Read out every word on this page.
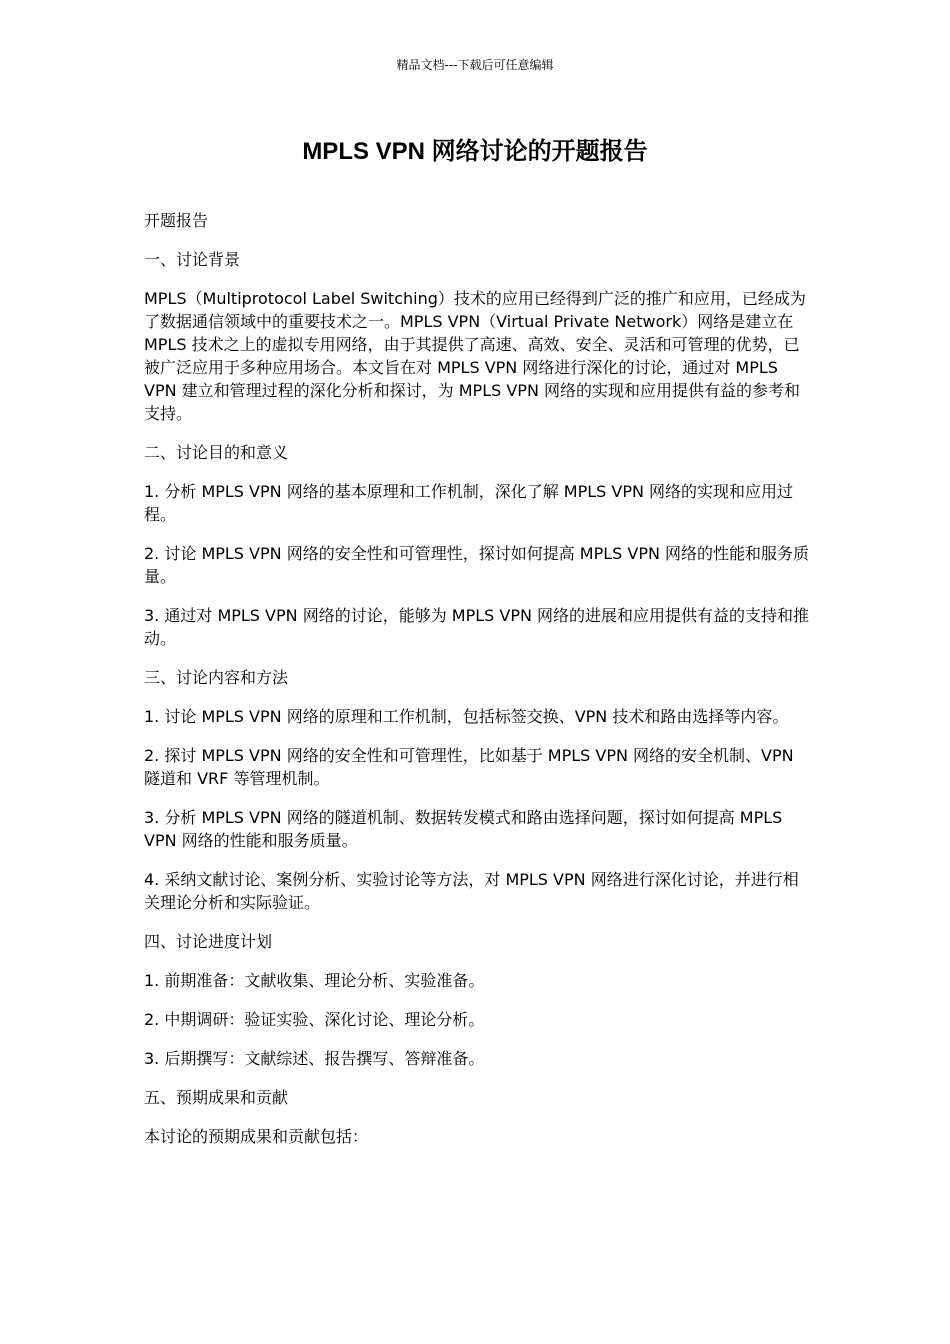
精品文档---下载后可任意编辑
MPLS VPN 网络讨论的开题报告

开题报告

一、讨论背景

MPLS（Multiprotocol Label Switching）技术的应用已经得到广泛的推广和应用，已经成为了数据通信领域中的重要技术之一。MPLS VPN（Virtual Private Network）网络是建立在 MPLS 技术之上的虚拟专用网络，由于其提供了高速、高效、安全、灵活和可管理的优势，已被广泛应用于多种应用场合。本文旨在对 MPLS VPN 网络进行深化的讨论，通过对 MPLS VPN 建立和管理过程的深化分析和探讨，为 MPLS VPN 网络的实现和应用提供有益的参考和支持。

二、讨论目的和意义

1. 分析 MPLS VPN 网络的基本原理和工作机制，深化了解 MPLS VPN 网络的实现和应用过程。

2. 讨论 MPLS VPN 网络的安全性和可管理性，探讨如何提高 MPLS VPN 网络的性能和服务质量。

3. 通过对 MPLS VPN 网络的讨论，能够为 MPLS VPN 网络的进展和应用提供有益的支持和推动。

三、讨论内容和方法

1. 讨论 MPLS VPN 网络的原理和工作机制，包括标签交换、VPN 技术和路由选择等内容。

2. 探讨 MPLS VPN 网络的安全性和可管理性，比如基于 MPLS VPN 网络的安全机制、VPN 隧道和 VRF 等管理机制。

3. 分析 MPLS VPN 网络的隧道机制、数据转发模式和路由选择问题，探讨如何提高 MPLS VPN 网络的性能和服务质量。

4. 采纳文献讨论、案例分析、实验讨论等方法，对 MPLS VPN 网络进行深化讨论，并进行相关理论分析和实际验证。

四、讨论进度计划

1. 前期准备：文献收集、理论分析、实验准备。

2. 中期调研：验证实验、深化讨论、理论分析。

3. 后期撰写：文献综述、报告撰写、答辩准备。

五、预期成果和贡献

本讨论的预期成果和贡献包括：
